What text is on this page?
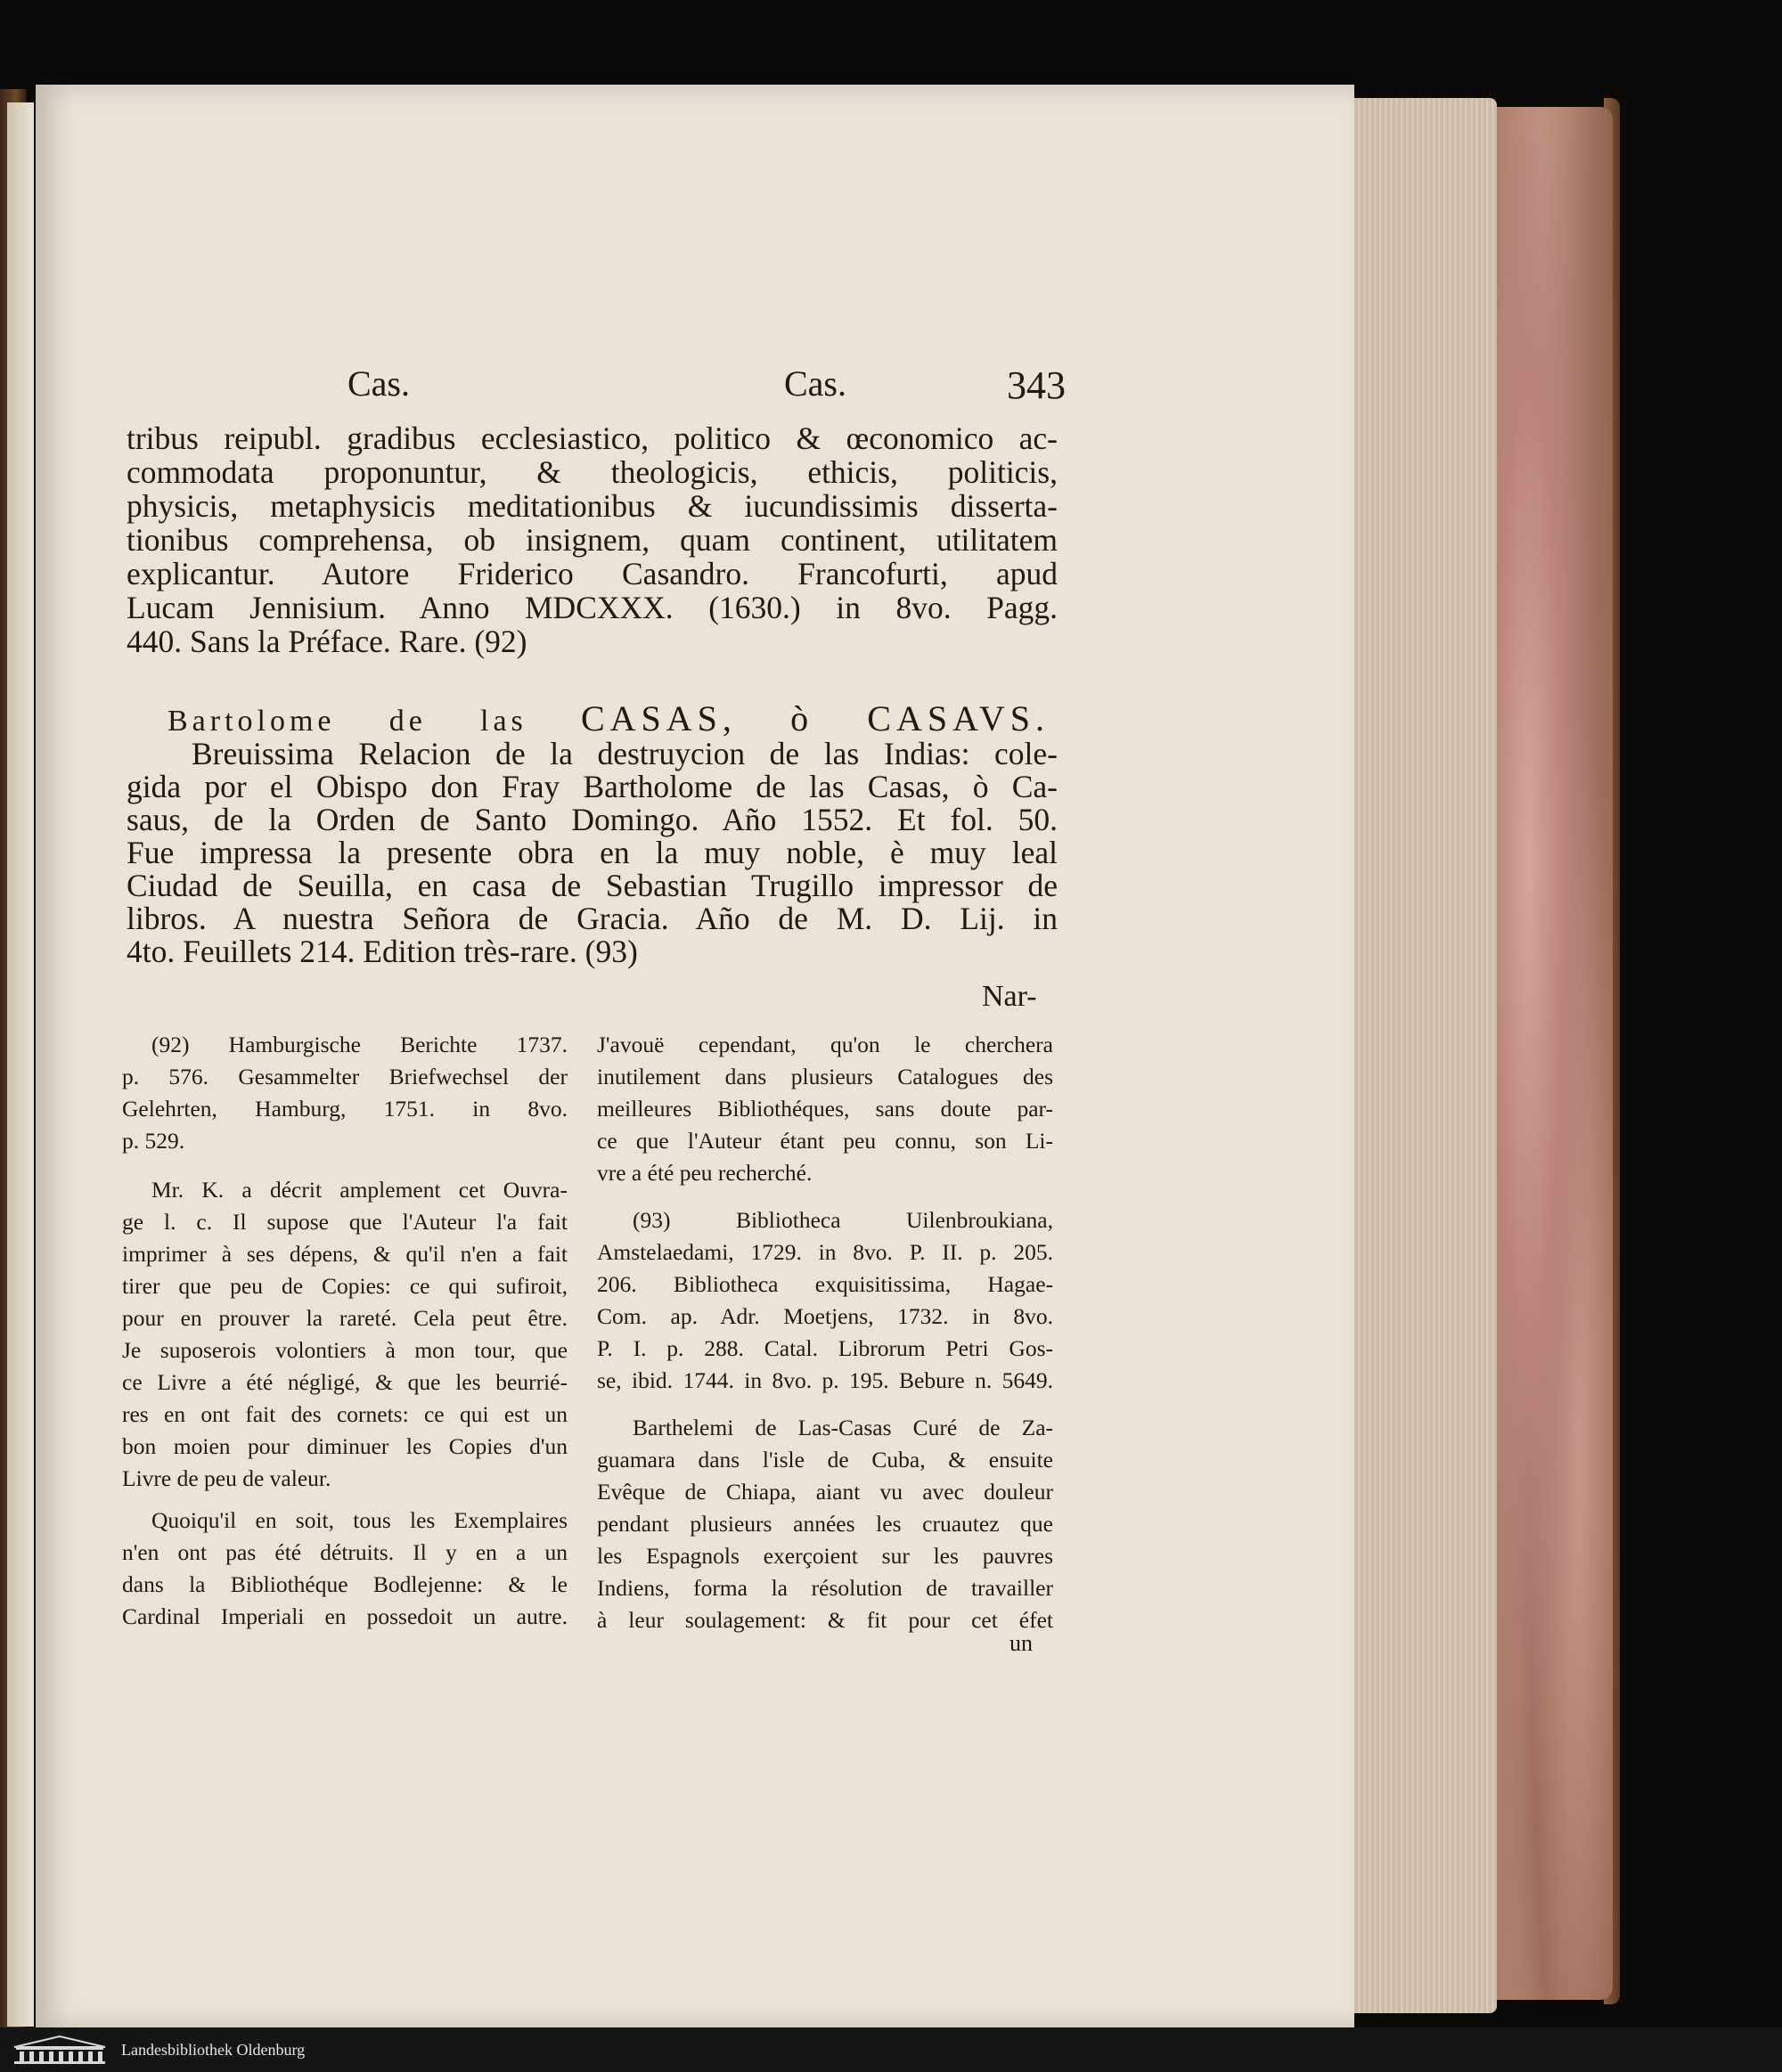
Cas.	Cas.	343
tribus reipubl. gradibus ecclesiastico, politico & œconomico ac-
commodata proponuntur, & theologicis, ethicis, politicis,
physicis, metaphysicis meditationibus & iucundissimis disserta-
tionibus comprehensa, ob insignem, quam continent, utilitatem
explicantur. Autore Friderico Casandro. Francofurti, apud
Lucam Jennisium. Anno MDCXXX. (1630.) in 8vo. Pagg.
440. Sans la Préface. Rare. (92)
Bartolome de las CASAS, ò CASAVS.
Breuissima Relacion de la destruycion de las Indias: cole-
gida por el Obispo don Fray Bartholome de las Casas, ò Ca-
saus, de la Orden de Santo Domingo. Año 1552. Et fol. 50.
Fue impressa la presente obra en la muy noble, è muy leal
Ciudad de Seuilla, en casa de Sebastian Trugillo impressor de
libros. A nuestra Señora de Gracia. Año de M. D. Lij. in
4to. Feuillets 214. Edition très-rare. (93)
Nar-
(92) Hamburgische Berichte 1737.
p. 576. Gesammelter Briefwechsel der
Gelehrten, Hamburg, 1751. in 8vo.
p. 529.
Mr. K. a décrit amplement cet Ouvra-
ge l. c. Il supose que l'Auteur l'a fait
imprimer à ses dépens, & qu'il n'en a fait
tirer que peu de Copies: ce qui sufiroit,
pour en prouver la rareté. Cela peut être.
Je suposerois volontiers à mon tour, que
ce Livre a été négligé, & que les beurrié-
res en ont fait des cornets: ce qui est un
bon moien pour diminuer les Copies d'un
Livre de peu de valeur.
Quoiqu'il en soit, tous les Exemplaires
n'en ont pas été détruits. Il y en a un
dans la Bibliothéque Bodlejenne: & le
Cardinal Imperiali en possedoit un autre.
J'avouë cependant, qu'on le cherchera
inutilement dans plusieurs Catalogues des
meilleures Bibliothéques, sans doute par-
ce que l'Auteur étant peu connu, son Li-
vre a été peu recherché.
(93) Bibliotheca Uilenbroukiana,
Amstelaedami, 1729. in 8vo. P. II. p. 205.
206. Bibliotheca exquisitissima, Hagae-
Com. ap. Adr. Moetjens, 1732. in 8vo.
P. I. p. 288. Catal. Librorum Petri Gos-
se, ibid. 1744. in 8vo. p. 195. Bebure n. 5649.
Barthelemi de Las-Casas Curé de Za-
guamara dans l'isle de Cuba, & ensuite
Evêque de Chiapa, aiant vu avec douleur
pendant plusieurs années les cruautez que
les Espagnols exerçoient sur les pauvres
Indiens, forma la résolution de travailler
à leur soulagement: & fit pour cet éfet
un
Landesbibliothek Oldenburg
